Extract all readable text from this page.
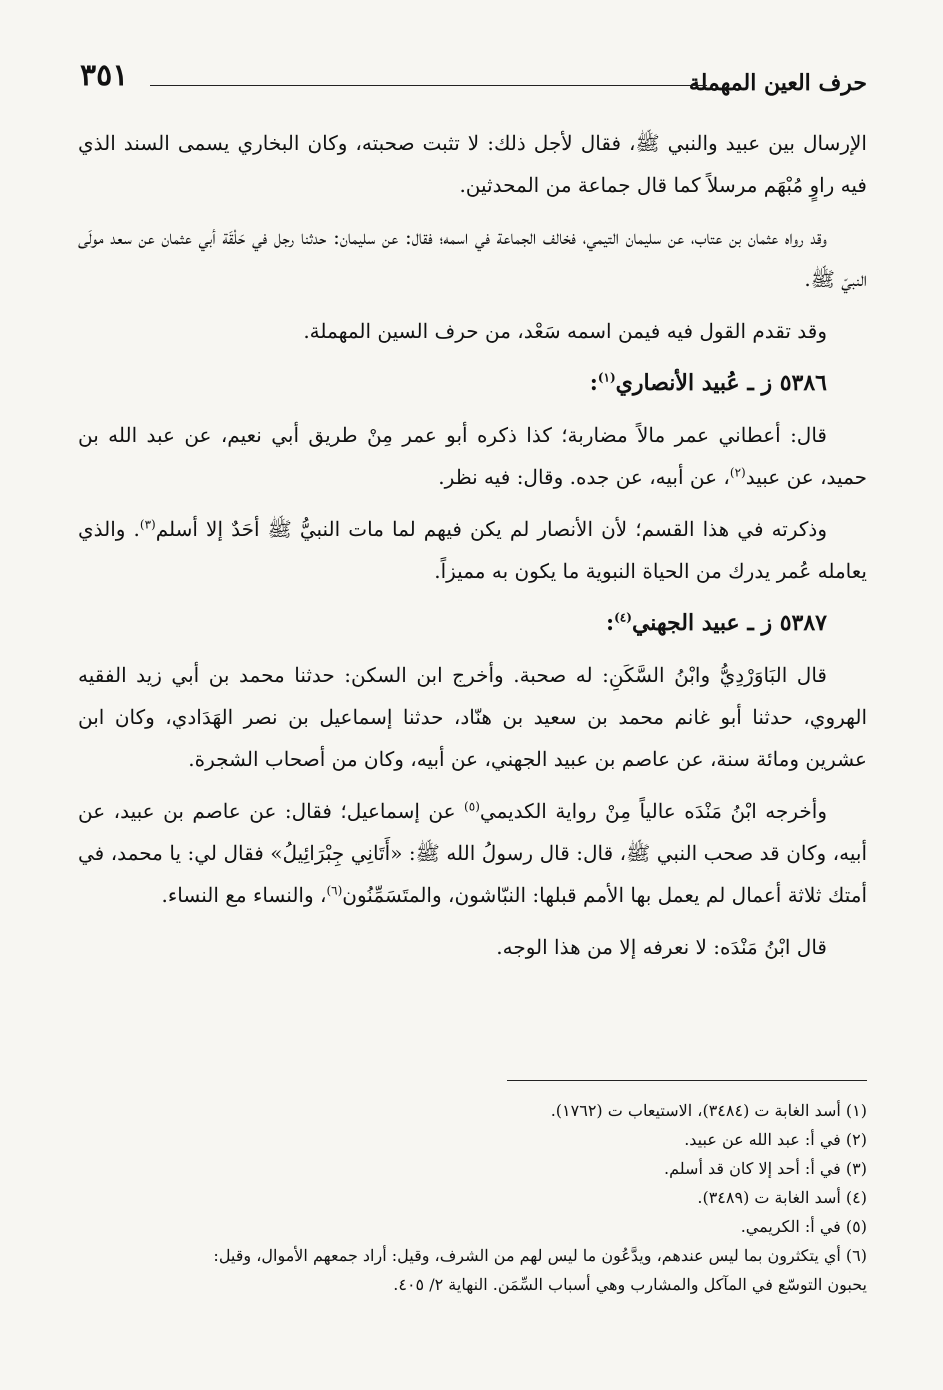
حرف العين المهملة
٣٥١

الإرسال بين عبيد والنبي ﷺ، فقال لأجل ذلك: لا تثبت صحبته، وكان البخاري يسمى السند الذي فيه راوٍ مُبْهَم مرسلاً كما قال جماعة من المحدثين.

وقد رواه عثمان بن عتاب، عن سليمان التيمي، فخالف الجماعة في اسمه؛ فقال: عن سليمان: حدثنا رجل في حَلْقَة أبي عثمان عن سعد مولَى النبيّ ﷺ.

وقد تقدم القول فيه فيمن اسمه سَعْد، من حرف السين المهملة.

٥٣٨٦ ز ـ عُبيد الأنصاري$^{(١)}$:

قال: أعطاني عمر مالاً مضاربة؛ كذا ذكره أبو عمر مِنْ طريق أبي نعيم، عن عبد الله بن حميد، عن عبيد$^{(٢)}$، عن أبيه، عن جده. وقال: فيه نظر.

وذكرته في هذا القسم؛ لأن الأنصار لم يكن فيهم لما مات النبيُّ ﷺ أحَدٌ إلا أسلم$^{(٣)}$. والذي يعامله عُمر يدرك من الحياة النبوية ما يكون به مميزاً.

٥٣٨٧ ز ـ عبيد الجهني$^{(٤)}$:

قال البَاوَرْدِيُّ وابْنُ السَّكَنِ: له صحبة. وأخرج ابن السكن: حدثنا محمد بن أبي زيد الفقيه الهروي، حدثنا أبو غانم محمد بن سعيد بن هنّاد، حدثنا إسماعيل بن نصر الهَدَادي، وكان ابن عشرين ومائة سنة، عن عاصم بن عبيد الجهني، عن أبيه، وكان من أصحاب الشجرة.

وأخرجه ابْنُ مَنْدَه عالياً مِنْ رواية الكديمي$^{(٥)}$ عن إسماعيل؛ فقال: عن عاصم بن عبيد، عن أبيه، وكان قد صحب النبي ﷺ، قال: قال رسولُ الله ﷺ: «أَتَانِي جِبْرَائِيلُ» فقال لي: يا محمد، في أمتك ثلاثة أعمال لم يعمل بها الأمم قبلها: النبّاشون، والمتَسَمِّنُون$^{(٦)}$، والنساء مع النساء.

قال ابْنُ مَنْدَه: لا نعرفه إلا من هذا الوجه.

(١) أسد الغابة ت (٣٤٨٤)، الاستيعاب ت (١٧٦٢).
(٢) في أ: عبد الله عن عبيد.
(٣) في أ: أحد إلا كان قد أسلم.
(٤) أسد الغابة ت (٣٤٨٩).
(٥) في أ: الكريمي.
(٦) أي يتكثرون بما ليس عندهم، ويدَّعُون ما ليس لهم من الشرف، وقيل: أراد جمعهم الأموال، وقيل:
يحبون التوسّع في المآكل والمشارب وهي أسباب السِّمَن. النهاية ٢/ ٤٠٥.
